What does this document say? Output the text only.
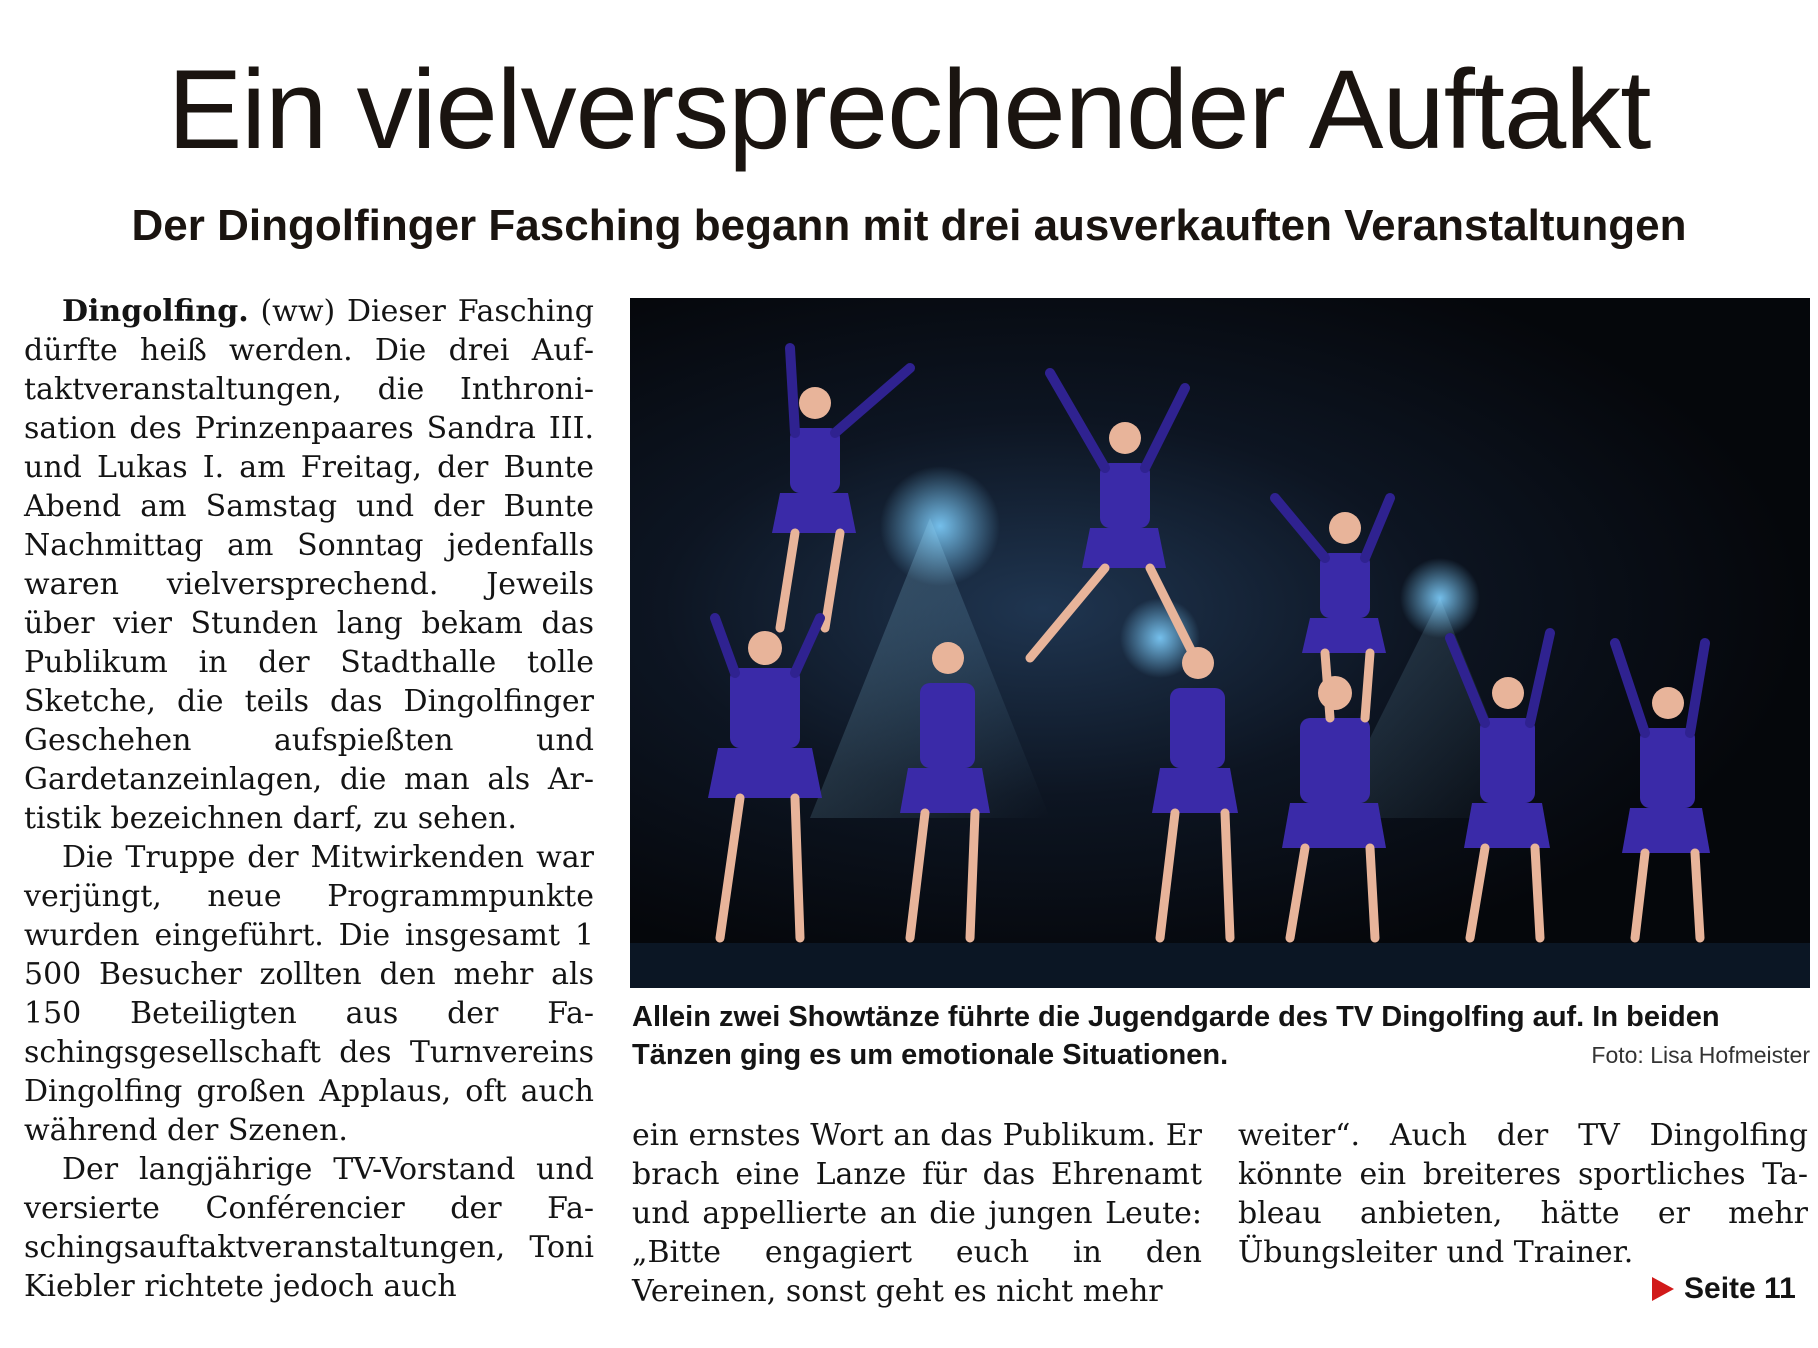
Ein vielversprechender Auftakt
Der Dingolfinger Fasching begann mit drei ausverkauften Veranstaltungen

Dingolfing. (ww) Dieser Fasching dürfte heiß werden. Die drei Auftaktveranstaltungen, die Inthronisation des Prinzenpaares Sandra III. und Lukas I. am Freitag, der Bunte Abend am Samstag und der Bunte Nachmittag am Sonntag jedenfalls waren vielversprechend. Jeweils über vier Stunden lang bekam das Publikum in der Stadthalle tolle Sketche, die teils das Dingolfinger Geschehen aufspießten und Gardetanzeinlagen, die man als Artistik bezeichnen darf, zu sehen.

Die Truppe der Mitwirkenden war verjüngt, neue Programmpunkte wurden eingeführt. Die insgesamt 1 500 Besucher zollten den mehr als 150 Beteiligten aus der Faschingsgesellschaft des Turnvereins Dingolfing großen Applaus, oft auch während der Szenen.

Der langjährige TV-Vorstand und versierte Conférencier der Faschingsauftaktveranstaltungen, Toni Kiebler richtete jedoch auch

Allein zwei Showtänze führte die Jugendgarde des TV Dingolfing auf. In beiden Tänzen ging es um emotionale Situationen.	Foto: Lisa Hofmeister

ein ernstes Wort an das Publikum. Er brach eine Lanze für das Ehrenamt und appellierte an die jungen Leute: „Bitte engagiert euch in den Vereinen, sonst geht es nicht mehr

weiter“. Auch der TV Dingolfing könnte ein breiteres sportliches Tableau anbieten, hätte er mehr Übungsleiter und Trainer.

Seite 11
